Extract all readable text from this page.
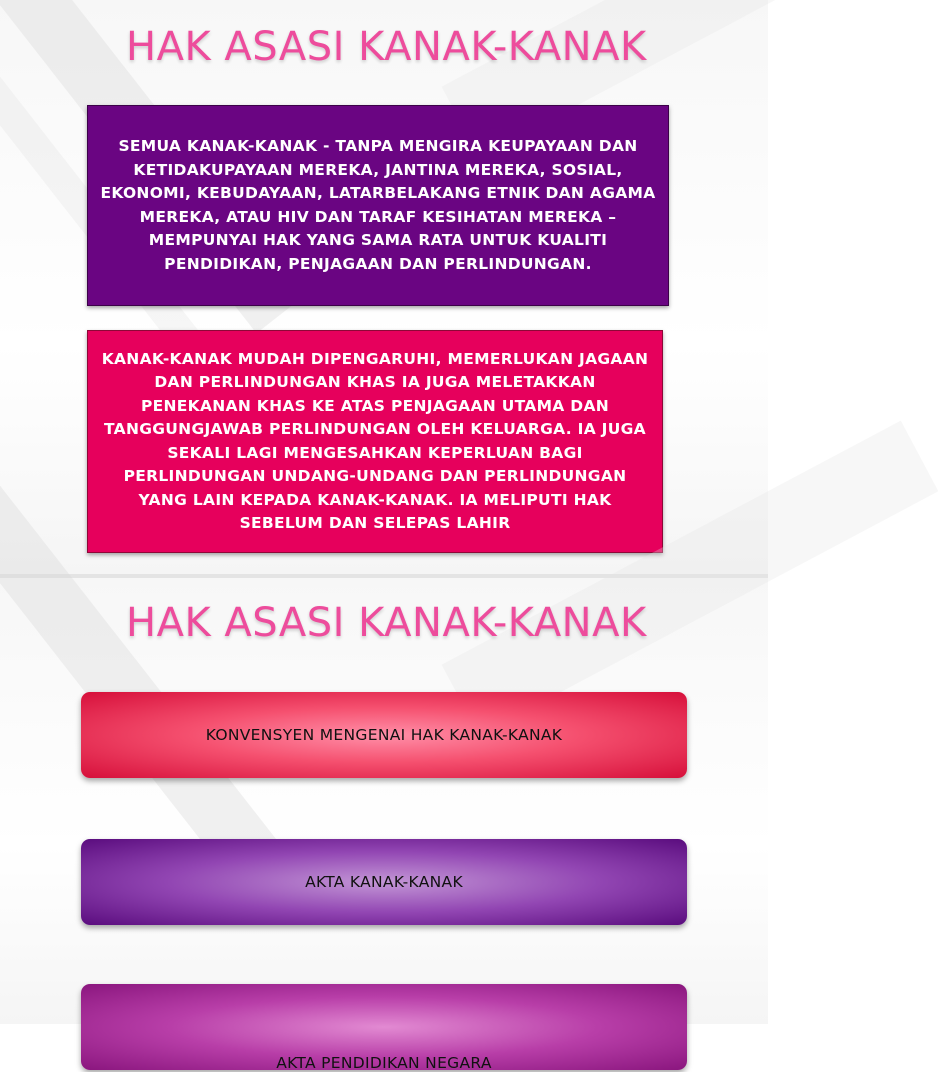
HAK ASASI KANAK-KANAK
SEMUA KANAK-KANAK - TANPA MENGIRA KEUPAYAAN DAN KETIDAKUPAYAAN MEREKA, JANTINA MEREKA, SOSIAL, EKONOMI, KEBUDAYAAN, LATARBELAKANG ETNIK DAN AGAMA MEREKA, ATAU HIV DAN TARAF KESIHATAN MEREKA – MEMPUNYAI HAK YANG SAMA RATA UNTUK KUALITI PENDIDIKAN, PENJAGAAN DAN PERLINDUNGAN.
KANAK-KANAK MUDAH DIPENGARUHI, MEMERLUKAN JAGAAN DAN PERLINDUNGAN KHAS IA JUGA MELETAKKAN PENEKANAN KHAS KE ATAS PENJAGAAN UTAMA DAN TANGGUNGJAWAB PERLINDUNGAN OLEH KELUARGA. IA JUGA SEKALI LAGI MENGESAHKAN KEPERLUAN BAGI PERLINDUNGAN UNDANG-UNDANG DAN PERLINDUNGAN YANG LAIN KEPADA KANAK-KANAK. IA MELIPUTI HAK SEBELUM DAN SELEPAS LAHIR
HAK ASASI KANAK-KANAK
KONVENSYEN MENGENAI HAK KANAK-KANAK
AKTA KANAK-KANAK
AKTA PENDIDIKAN NEGARA
